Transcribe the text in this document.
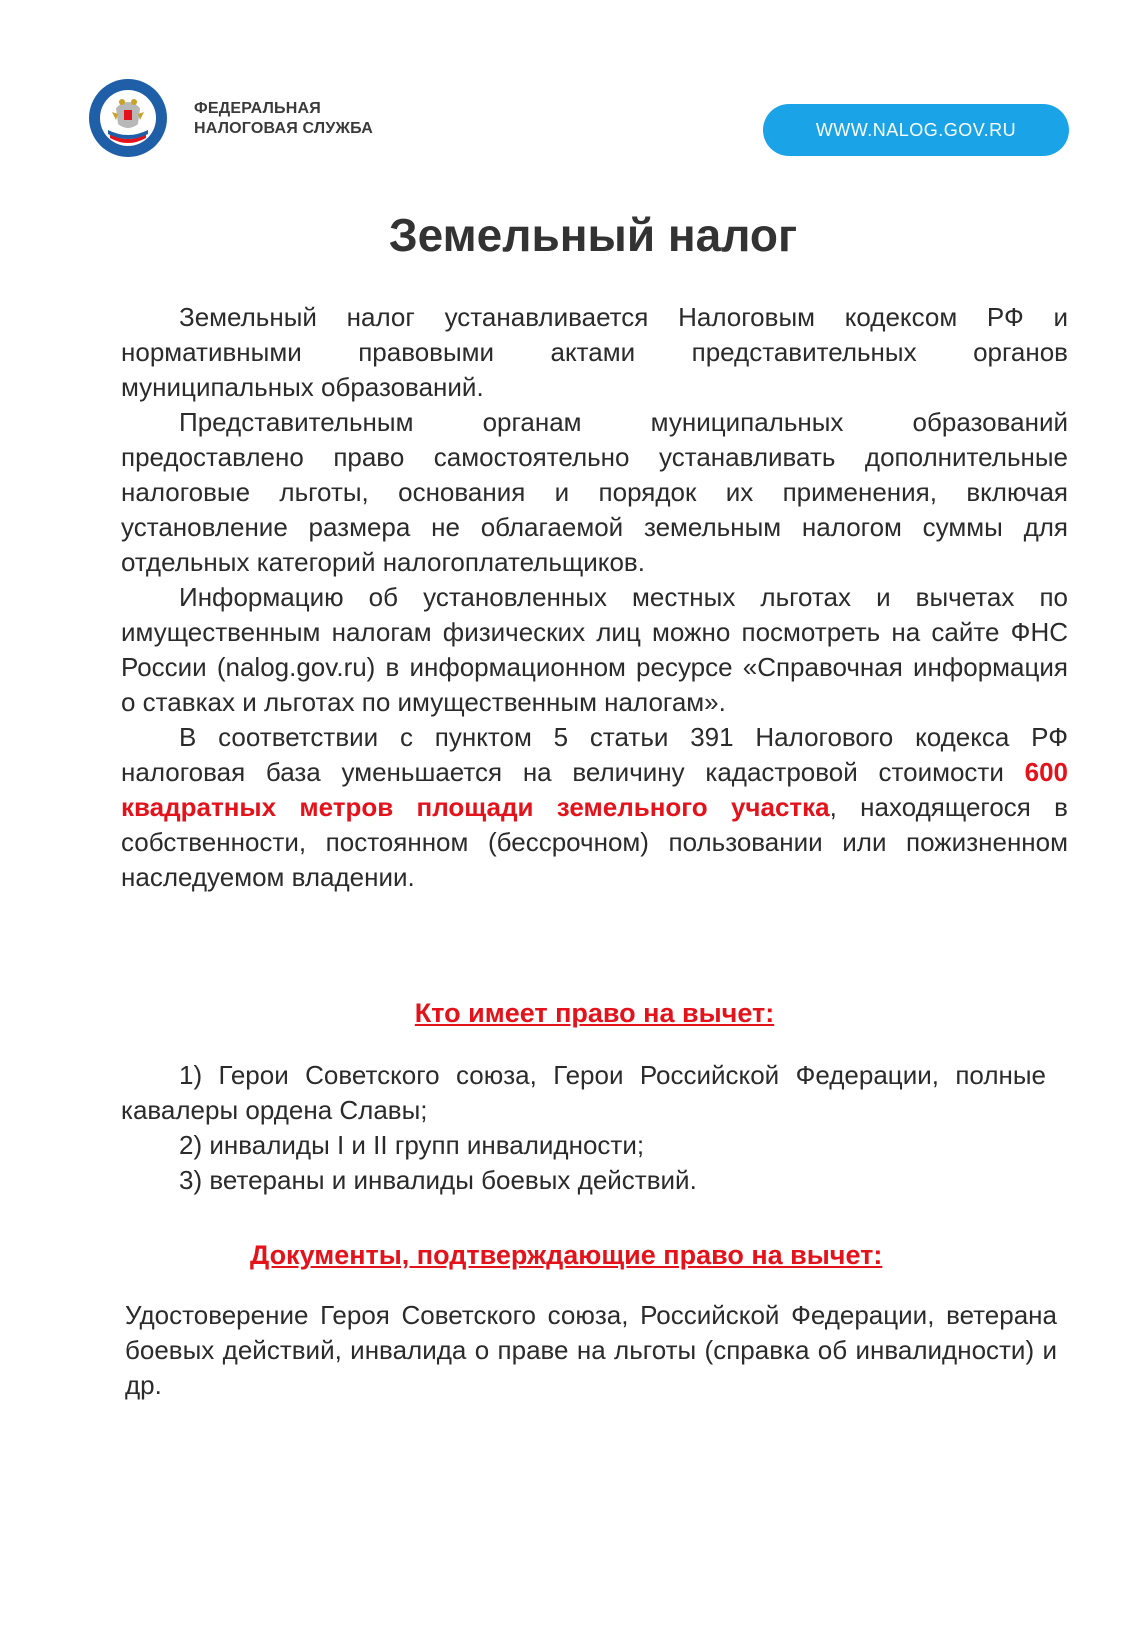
ФЕДЕРАЛЬНАЯ
НАЛОГОВАЯ СЛУЖБА	WWW.NALOG.GOV.RU
Земельный налог

Земельный налог устанавливается Налоговым кодексом РФ и нормативными правовыми актами представительных органов муниципальных образований.

Представительным органам муниципальных образований предоставлено право самостоятельно устанавливать дополнительные налоговые льготы, основания и порядок их применения, включая установление размера не облагаемой земельным налогом суммы для отдельных категорий налогоплательщиков.

Информацию об установленных местных льготах и вычетах по имущественным налогам физических лиц можно посмотреть на сайте ФНС России (nalog.gov.ru) в информационном ресурсе «Справочная информация о ставках и льготах по имущественным налогам».

В соответствии с пунктом 5 статьи 391 Налогового кодекса РФ налоговая база уменьшается на величину кадастровой стоимости 600 квадратных метров площади земельного участка, находящегося в собственности, постоянном (бессрочном) пользовании или пожизненном наследуемом владении.

Кто имеет право на вычет:

1) Герои Советского союза, Герои Российской Федерации, полные кавалеры ордена Славы;

2) инвалиды I и II групп инвалидности;

3) ветераны и инвалиды боевых действий.

Документы, подтверждающие право на вычет:

Удостоверение Героя Советского союза, Российской Федерации, ветерана боевых действий, инвалида о праве на льготы (справка об инвалидности) и др.
